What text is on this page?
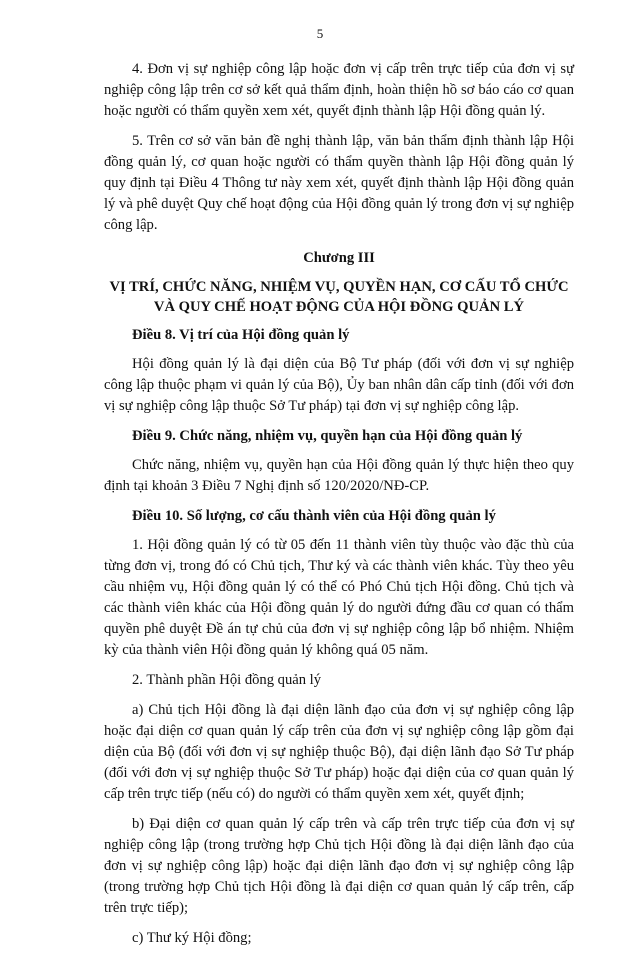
5

4. Đơn vị sự nghiệp công lập hoặc đơn vị cấp trên trực tiếp của đơn vị sự nghiệp công lập trên cơ sở kết quả thẩm định, hoàn thiện hồ sơ báo cáo cơ quan hoặc người có thẩm quyền xem xét, quyết định thành lập Hội đồng quản lý.

5. Trên cơ sở văn bản đề nghị thành lập, văn bản thẩm định thành lập Hội đồng quản lý, cơ quan hoặc người có thẩm quyền thành lập Hội đồng quản lý quy định tại Điều 4 Thông tư này xem xét, quyết định thành lập Hội đồng quản lý và phê duyệt Quy chế hoạt động của Hội đồng quản lý trong đơn vị sự nghiệp công lập.

Chương III
VỊ TRÍ, CHỨC NĂNG, NHIỆM VỤ, QUYỀN HẠN, CƠ CẤU TỔ CHỨC
VÀ QUY CHẾ HOẠT ĐỘNG CỦA HỘI ĐỒNG QUẢN LÝ
Điều 8. Vị trí của Hội đồng quản lý

Hội đồng quản lý là đại diện của Bộ Tư pháp (đối với đơn vị sự nghiệp công lập thuộc phạm vi quản lý của Bộ), Ủy ban nhân dân cấp tỉnh (đối với đơn vị sự nghiệp công lập thuộc Sở Tư pháp) tại đơn vị sự nghiệp công lập.

Điều 9. Chức năng, nhiệm vụ, quyền hạn của Hội đồng quản lý

Chức năng, nhiệm vụ, quyền hạn của Hội đồng quản lý thực hiện theo quy định tại khoản 3 Điều 7 Nghị định số 120/2020/NĐ-CP.

Điều 10. Số lượng, cơ cấu thành viên của Hội đồng quản lý

1. Hội đồng quản lý có từ 05 đến 11 thành viên tùy thuộc vào đặc thù của từng đơn vị, trong đó có Chủ tịch, Thư ký và các thành viên khác. Tùy theo yêu cầu nhiệm vụ, Hội đồng quản lý có thể có Phó Chủ tịch Hội đồng. Chủ tịch và các thành viên khác của Hội đồng quản lý do người đứng đầu cơ quan có thẩm quyền phê duyệt Đề án tự chủ của đơn vị sự nghiệp công lập bổ nhiệm. Nhiệm kỳ của thành viên Hội đồng quản lý không quá 05 năm.

2. Thành phần Hội đồng quản lý

a) Chủ tịch Hội đồng là đại diện lãnh đạo của đơn vị sự nghiệp công lập hoặc đại diện cơ quan quản lý cấp trên của đơn vị sự nghiệp công lập gồm đại diện của Bộ (đối với đơn vị sự nghiệp thuộc Bộ), đại diện lãnh đạo Sở Tư pháp (đối với đơn vị sự nghiệp thuộc Sở Tư pháp) hoặc đại diện của cơ quan quản lý cấp trên trực tiếp (nếu có) do người có thẩm quyền xem xét, quyết định;

b) Đại diện cơ quan quản lý cấp trên và cấp trên trực tiếp của đơn vị sự nghiệp công lập (trong trường hợp Chủ tịch Hội đồng là đại diện lãnh đạo của đơn vị sự nghiệp công lập) hoặc đại diện lãnh đạo đơn vị sự nghiệp công lập (trong trường hợp Chủ tịch Hội đồng là đại diện cơ quan quản lý cấp trên, cấp trên trực tiếp);

c) Thư ký Hội đồng;
